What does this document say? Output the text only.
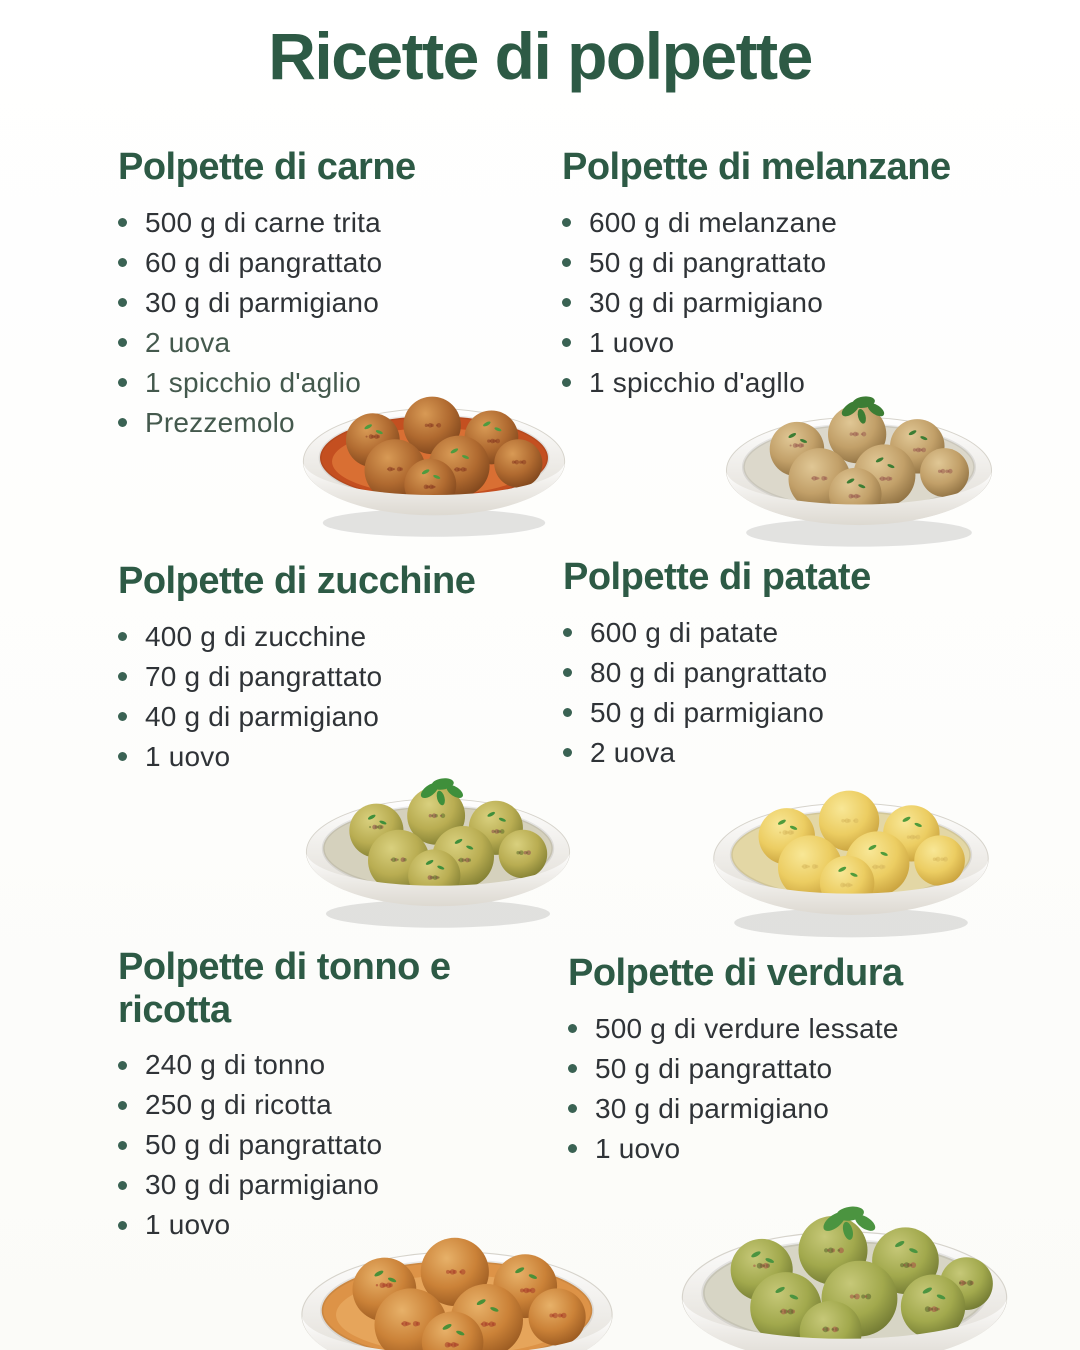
Ricette di polpette
Polpette di carne
500 g di carne trita
60 g di pangrattato
30 g di parmigiano
2 uova
1 spicchio d'aglio
Prezzemolo
Polpette di melanzane
600 g di melanzane
50 g di pangrattato
30 g di parmigiano
1 uovo
1 spicchio d'agllo
Polpette di zucchine
400 g di zucchine
70 g di pangrattato
40 g di parmigiano
1 uovo
Polpette di patate
600 g di patate
80 g di pangrattato
50 g di parmigiano
2 uova
Polpette di tonno e ricotta
240 g di tonno
250 g di ricotta
50 g di pangrattato
30 g di parmigiano
1 uovo
Polpette di verdura
500 g di verdure lessate
50 g di pangrattato
30 g di parmigiano
1 uovo
